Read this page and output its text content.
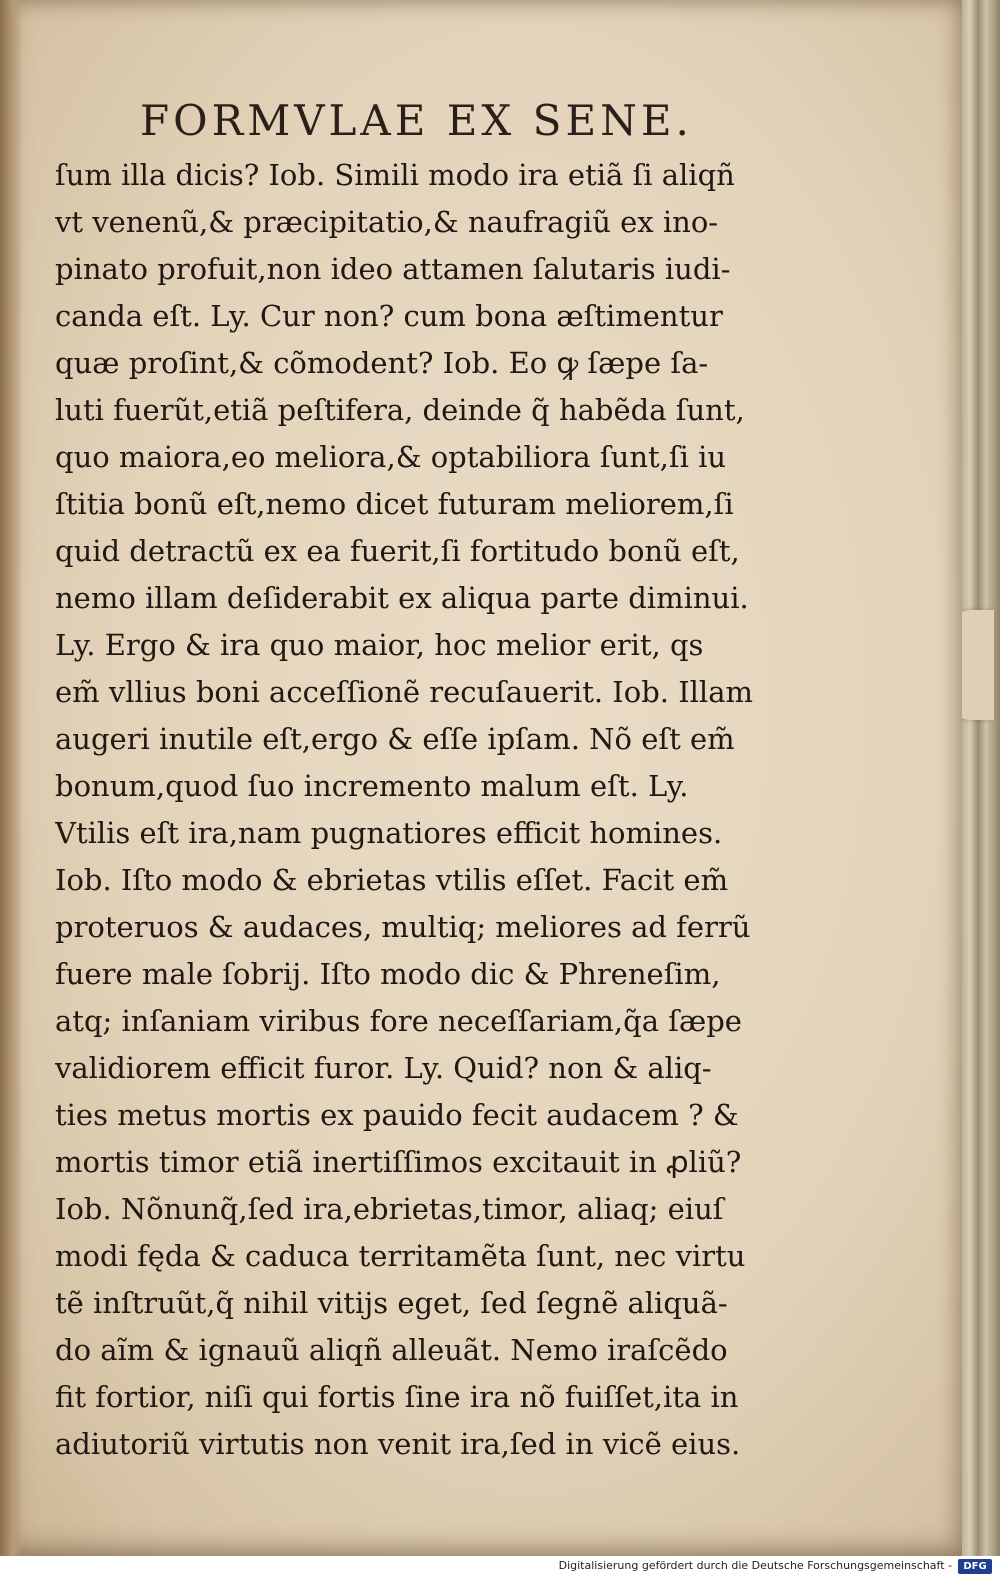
FORMVLAE EX SENE.
ſum illa dicis? Iob. Simili modo ira etiã ſi aliqñ
vt venenũ,& præcipitatio,& naufragiũ ex ino-
pinato profuit,non ideo attamen ſalutaris iudi-
canda eſt. Ly. Cur non? cum bona æſtimentur
quæ proſint,& cõmodent? Iob. Eo ꝙ ſæpe ſa-
luti fuerũt,etiã peſtifera, deinde q̃ habẽda ſunt,
quo maiora,eo meliora,& optabiliora ſunt,ſi iu
ſtitia bonũ eſt,nemo dicet futuram meliorem,ſi
quid detractũ ex ea fuerit,ſi fortitudo bonũ eſt,
nemo illam deſiderabit ex aliqua parte diminui.
Ly. Ergo & ira quo maior, hoc melior erit, qs
em̃ vllius boni acceſſionẽ recuſauerit. Iob. Illam
augeri inutile eſt,ergo & eſſe ipſam. Nõ eſt em̃
bonum,quod ſuo incremento malum eſt. Ly.
Vtilis eſt ira,nam pugnatiores efficit homines.
Iob. Iſto modo & ebrietas vtilis eſſet. Facit em̃
proteruos & audaces, multiq; meliores ad ferrũ
fuere male ſobrij. Iſto modo dic & Phreneſim,
atq; inſaniam viribus fore neceſſariam,q̃a ſæpe
validiorem efficit furor. Ly. Quid? non & aliq-
ties metus mortis ex pauido fecit audacem ? &
mortis timor etiã inertiſſimos excitauit in ꝓliũ?
Iob. Nõnunq̃,ſed ira,ebrietas,timor, aliaq; eiuſ
modi fęda & caduca territamẽta ſunt, nec virtu
tẽ inſtruũt,q̃ nihil vitijs eget, ſed ſegnẽ aliquã-
do aĩm & ignauũ aliqñ alleuãt. Nemo iraſcẽdo
fit fortior, niſi qui fortis ſine ira nõ fuiſſet,ita in
adiutoriũ virtutis non venit ira,ſed in vicẽ eius.
Digitalisierung gefördert durch die Deutsche Forschungsgemeinschaft -	DFG
